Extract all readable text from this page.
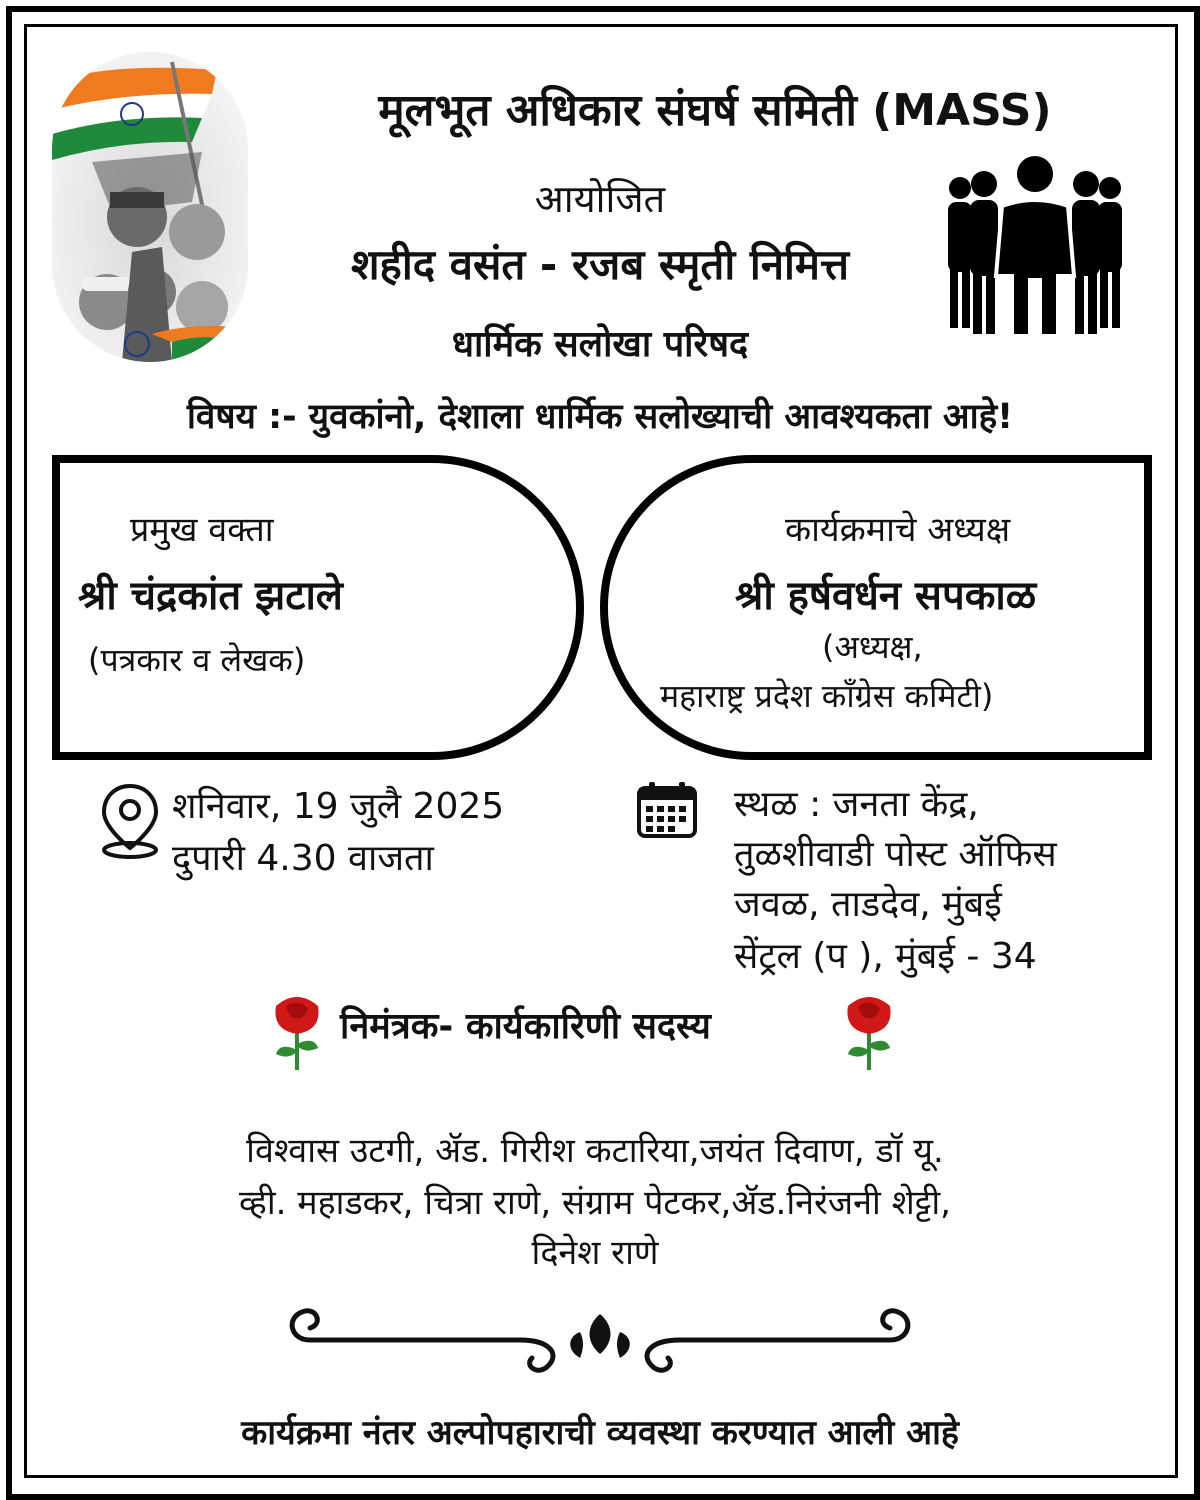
मूलभूत अधिकार संघर्ष समिती (MASS)
आयोजित
शहीद वसंत - रजब स्मृती निमित्त
धार्मिक सलोखा परिषद
विषय :- युवकांनो, देशाला धार्मिक सलोख्याची आवश्यकता आहे!
प्रमुख वक्ता
श्री चंद्रकांत झटाले
(पत्रकार व लेखक)
कार्यक्रमाचे अध्यक्ष
श्री हर्षवर्धन सपकाळ
(अध्यक्ष,
महाराष्ट्र प्रदेश काँग्रेस कमिटी)
शनिवार, 19 जुलै 2025
दुपारी 4.30 वाजता
स्थळ : जनता केंद्र,
तुळशीवाडी पोस्ट ऑफिस
जवळ, ताडदेव, मुंबई
सेंट्रल (प ), मुंबई - 34
निमंत्रक- कार्यकारिणी सदस्य
विश्वास उटगी, ॲड. गिरीश कटारिया,जयंत दिवाण, डॉ यू.
व्ही. महाडकर, चित्रा राणे, संग्राम पेटकर,ॲड.निरंजनी शेट्टी,
दिनेश राणे
कार्यक्रमा नंतर अल्पोपहाराची व्यवस्था करण्यात आली आहे
